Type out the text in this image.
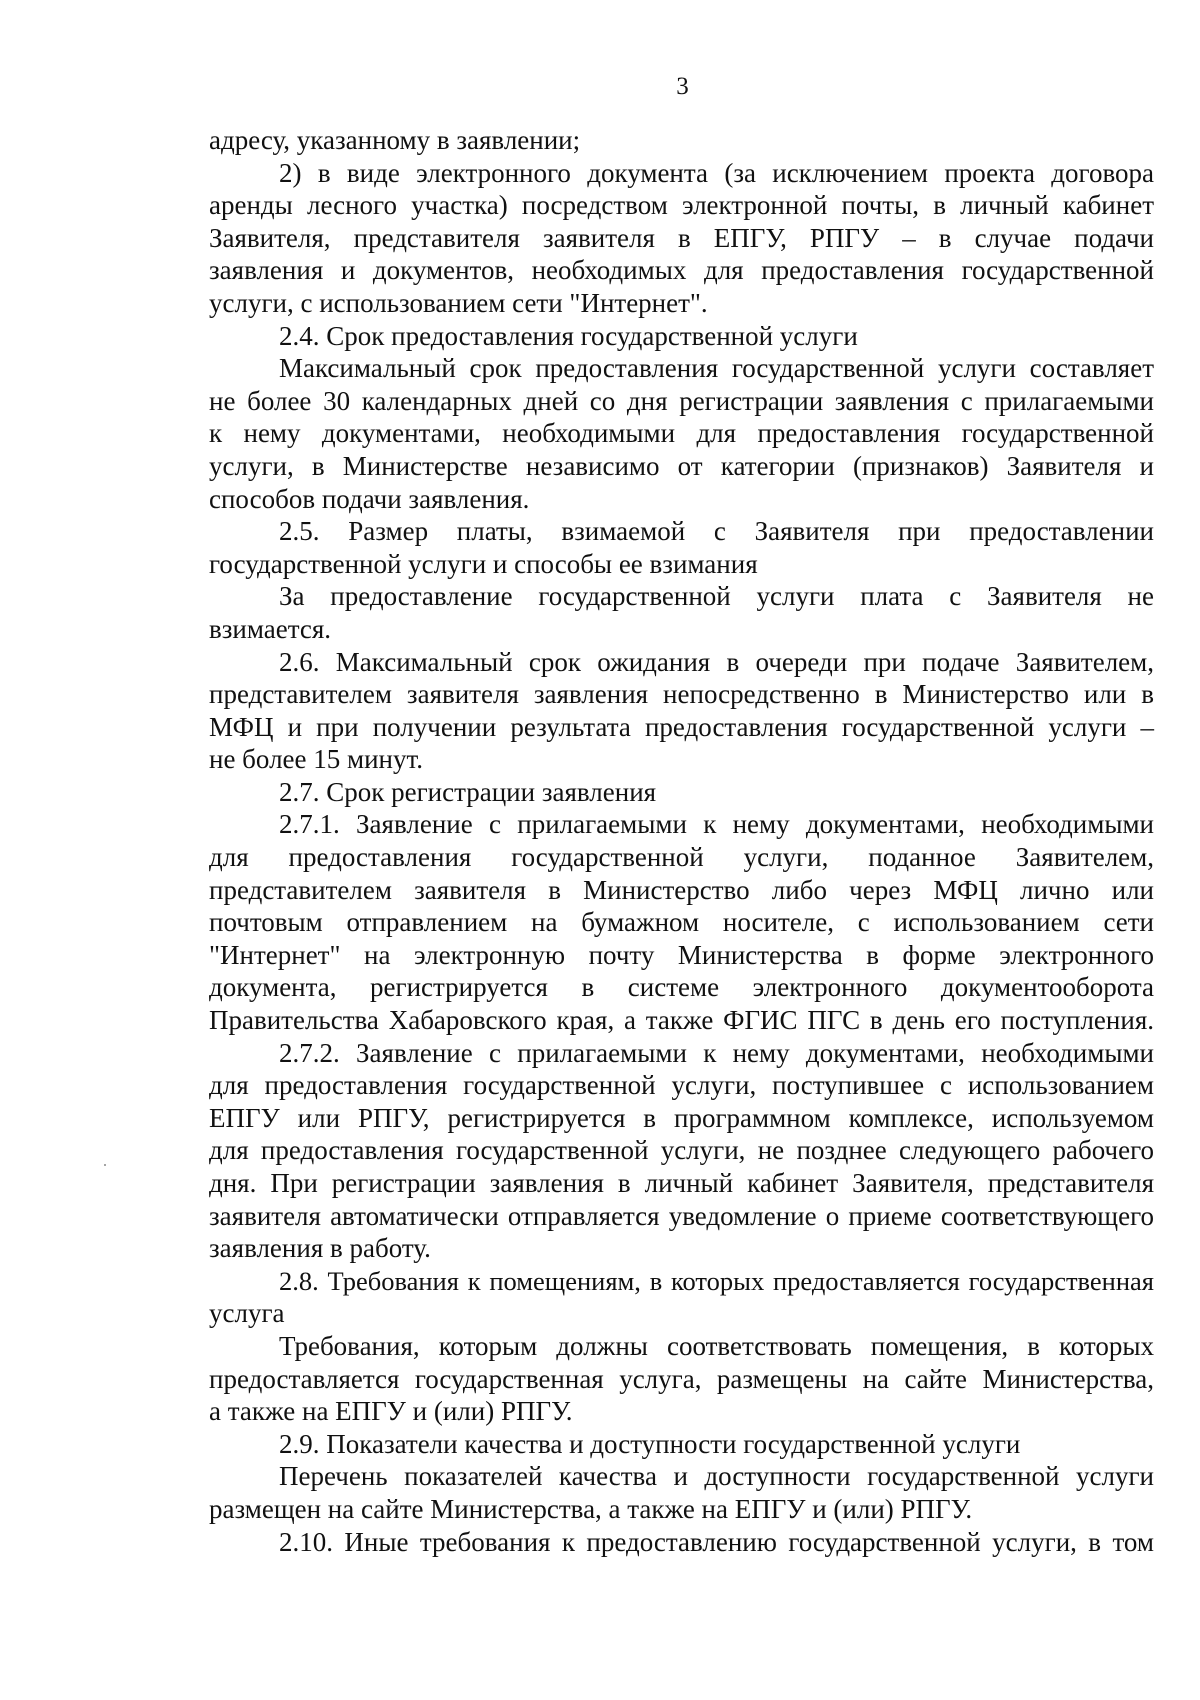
3
адресу, указанному в заявлении;
2) в виде электронного документа (за исключением проекта договора
аренды лесного участка) посредством электронной почты, в личный кабинет
Заявителя, представителя заявителя в ЕПГУ, РПГУ – в случае подачи
заявления и документов, необходимых для предоставления государственной
услуги, с использованием сети "Интернет".
2.4. Срок предоставления государственной услуги
Максимальный срок предоставления государственной услуги составляет
не более 30 календарных дней со дня регистрации заявления с прилагаемыми
к нему документами, необходимыми для предоставления государственной
услуги, в Министерстве независимо от категории (признаков) Заявителя и
способов подачи заявления.
2.5. Размер платы, взимаемой с Заявителя при предоставлении
государственной услуги и способы ее взимания
За предоставление государственной услуги плата с Заявителя не
взимается.
2.6. Максимальный срок ожидания в очереди при подаче Заявителем,
представителем заявителя заявления непосредственно в Министерство или в
МФЦ и при получении результата предоставления государственной услуги –
не более 15 минут.
2.7. Срок регистрации заявления
2.7.1. Заявление с прилагаемыми к нему документами, необходимыми
для предоставления государственной услуги, поданное Заявителем,
представителем заявителя в Министерство либо через МФЦ лично или
почтовым отправлением на бумажном носителе, с использованием сети
"Интернет" на электронную почту Министерства в форме электронного
документа, регистрируется в системе электронного документооборота
Правительства Хабаровского края, а также ФГИС ПГС в день его поступления.
2.7.2. Заявление с прилагаемыми к нему документами, необходимыми
для предоставления государственной услуги, поступившее с использованием
ЕПГУ или РПГУ, регистрируется в программном комплексе, используемом
для предоставления государственной услуги, не позднее следующего рабочего
дня. При регистрации заявления в личный кабинет Заявителя, представителя
заявителя автоматически отправляется уведомление о приеме соответствующего
заявления в работу.
2.8. Требования к помещениям, в которых предоставляется государственная
услуга
Требования, которым должны соответствовать помещения, в которых
предоставляется государственная услуга, размещены на сайте Министерства,
а также на ЕПГУ и (или) РПГУ.
2.9. Показатели качества и доступности государственной услуги
Перечень показателей качества и доступности государственной услуги
размещен на сайте Министерства, а также на ЕПГУ и (или) РПГУ.
2.10. Иные требования к предоставлению государственной услуги, в том
